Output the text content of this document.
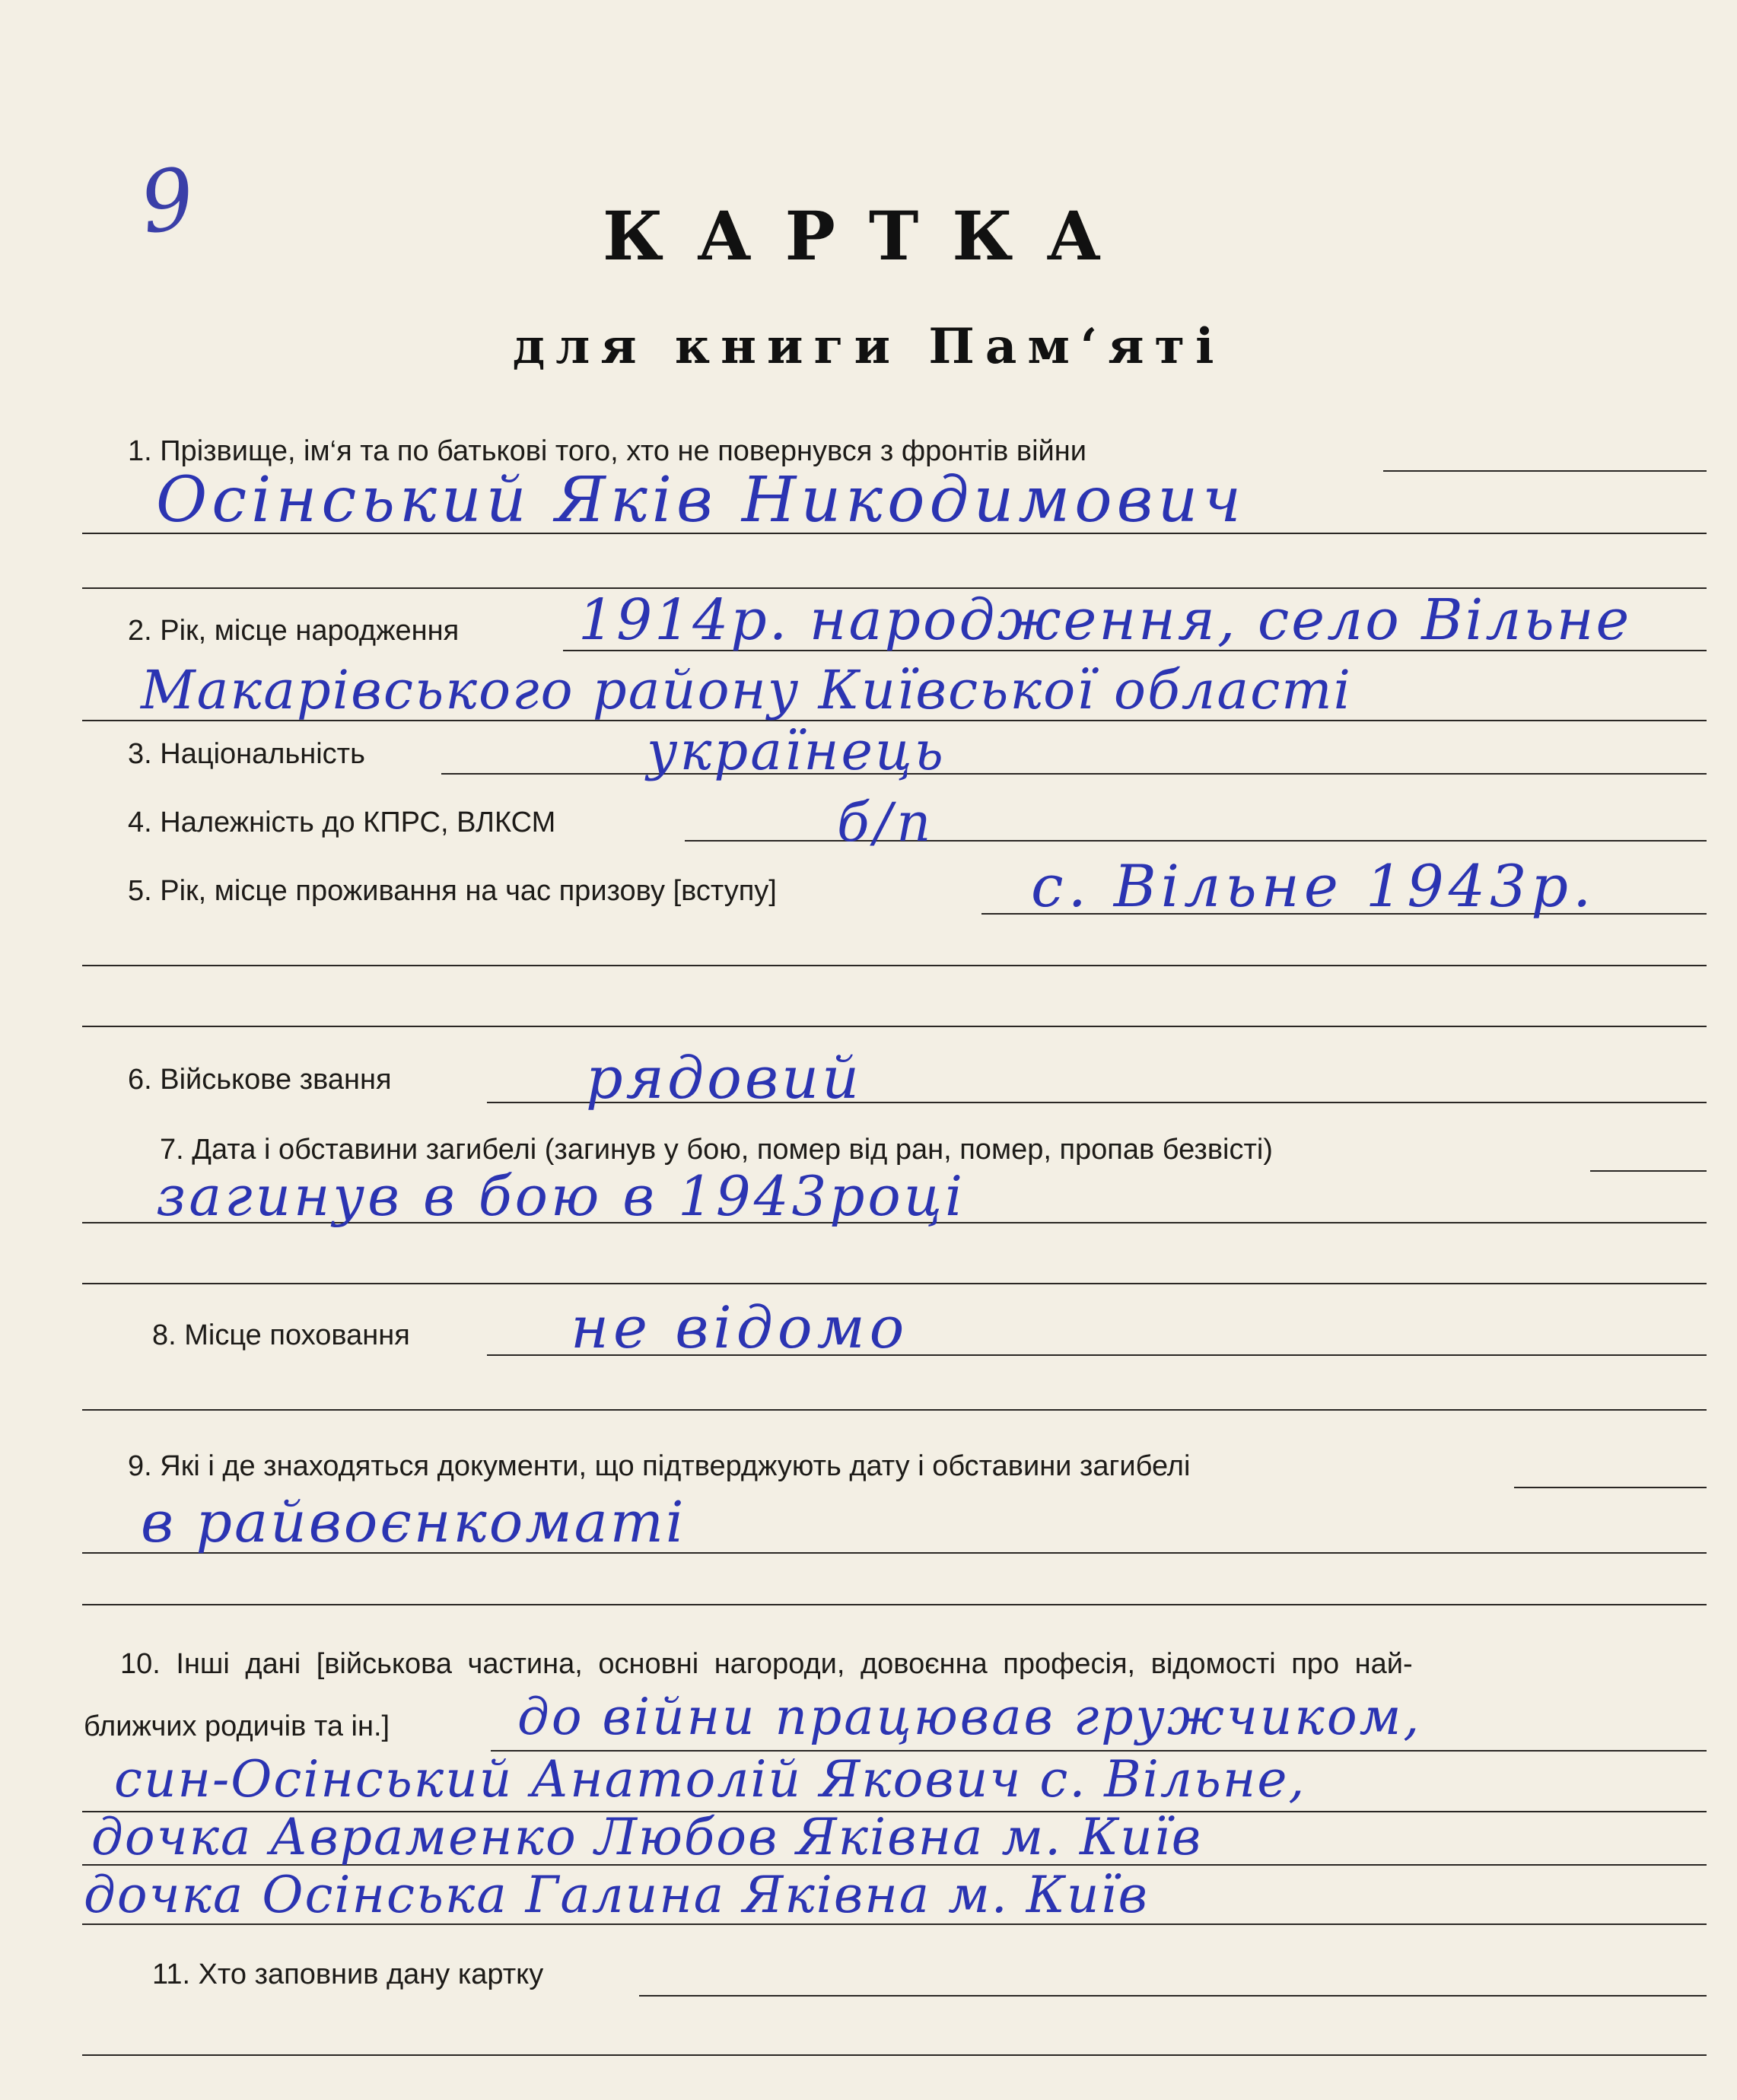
9	КАРТКА
для книги Пам‘яті
1. Прізвище, ім‘я та по батькові того, хто не повернувся з фронтів війни
Осінський Яків Никодимович
2. Рік, місце народження 1914р. народження, село Вільне
Макарівського району Київської області
3. Національність	українець
4. Належність до КПРС, ВЛКСМ	б/п
5. Рік, місце проживання на час призову [вступу]	с. Вільне 1943р.
6. Військове звання	рядовий
7. Дата і обставини загибелі (загинув у бою, помер від ран, помер, пропав безвісті)
загинув в бою в 1943році
8. Місце поховання	не відомо
9. Які і де знаходяться документи, що підтверджують дату і обставини загибелі
в райвоєнкоматі
10. Інші дані [військова частина, основні нагороди, довоєнна професія, відомості про най-
ближчих родичів та ін.]	до війни працював гружчиком,
син-Осінський Анатолій Якович с. Вільне,
дочка Авраменко Любов Яківна м. Київ
дочка Осінська Галина Яківна м. Київ
11. Хто заповнив дану картку
